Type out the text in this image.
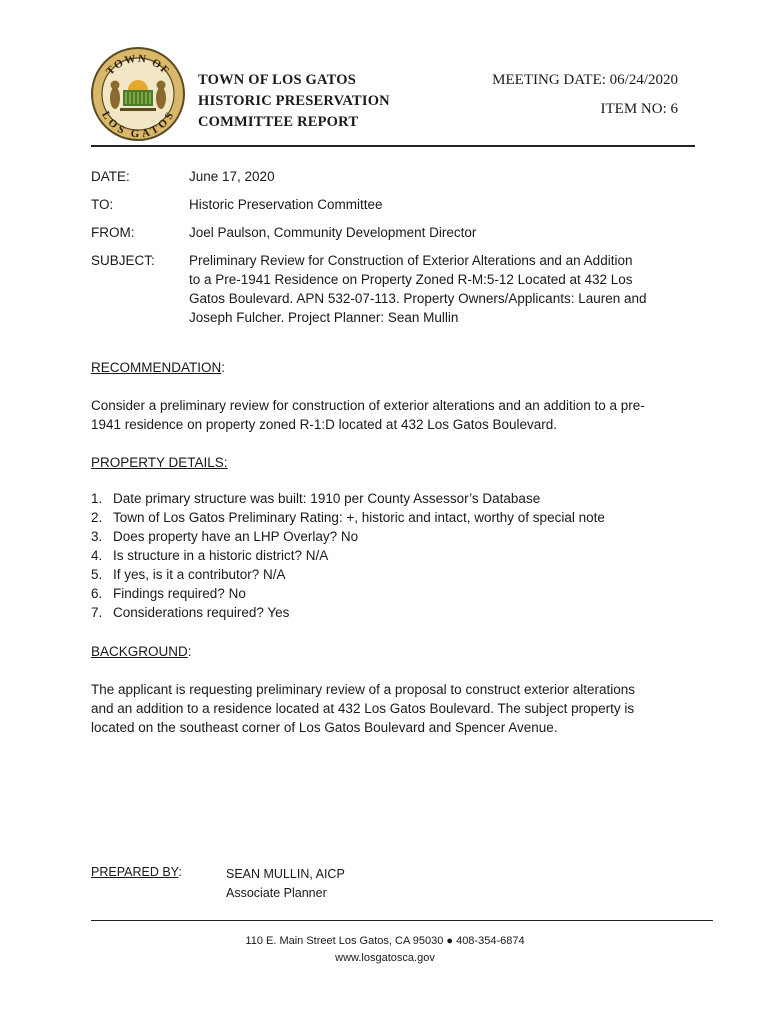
TOWN OF
LOS GATOS
TOWN OF LOS GATOS
HISTORIC PRESERVATION
COMMITTEE REPORT
MEETING DATE: 06/24/2020
ITEM NO: 6
DATE:	June 17, 2020
TO:	Historic Preservation Committee
FROM:	Joel Paulson, Community Development Director
SUBJECT:	Preliminary Review for Construction of Exterior Alterations and an Addition
to a Pre-1941 Residence on Property Zoned R-M:5-12 Located at 432 Los
Gatos Boulevard. APN 532-07-113. Property Owners/Applicants: Lauren and
Joseph Fulcher. Project Planner: Sean Mullin
RECOMMENDATION:
Consider a preliminary review for construction of exterior alterations and an addition to a pre-
1941 residence on property zoned R-1:D located at 432 Los Gatos Boulevard.
PROPERTY DETAILS:
1. Date primary structure was built: 1910 per County Assessor’s Database
2. Town of Los Gatos Preliminary Rating: +, historic and intact, worthy of special note
3. Does property have an LHP Overlay? No
4. Is structure in a historic district? N/A
5. If yes, is it a contributor? N/A
6. Findings required? No
7. Considerations required? Yes
BACKGROUND:
The applicant is requesting preliminary review of a proposal to construct exterior alterations
and an addition to a residence located at 432 Los Gatos Boulevard. The subject property is
located on the southeast corner of Los Gatos Boulevard and Spencer Avenue.
PREPARED BY:	SEAN MULLIN, AICP
Associate Planner
110 E. Main Street Los Gatos, CA 95030 ● 408-354-6874
www.losgatosca.gov
